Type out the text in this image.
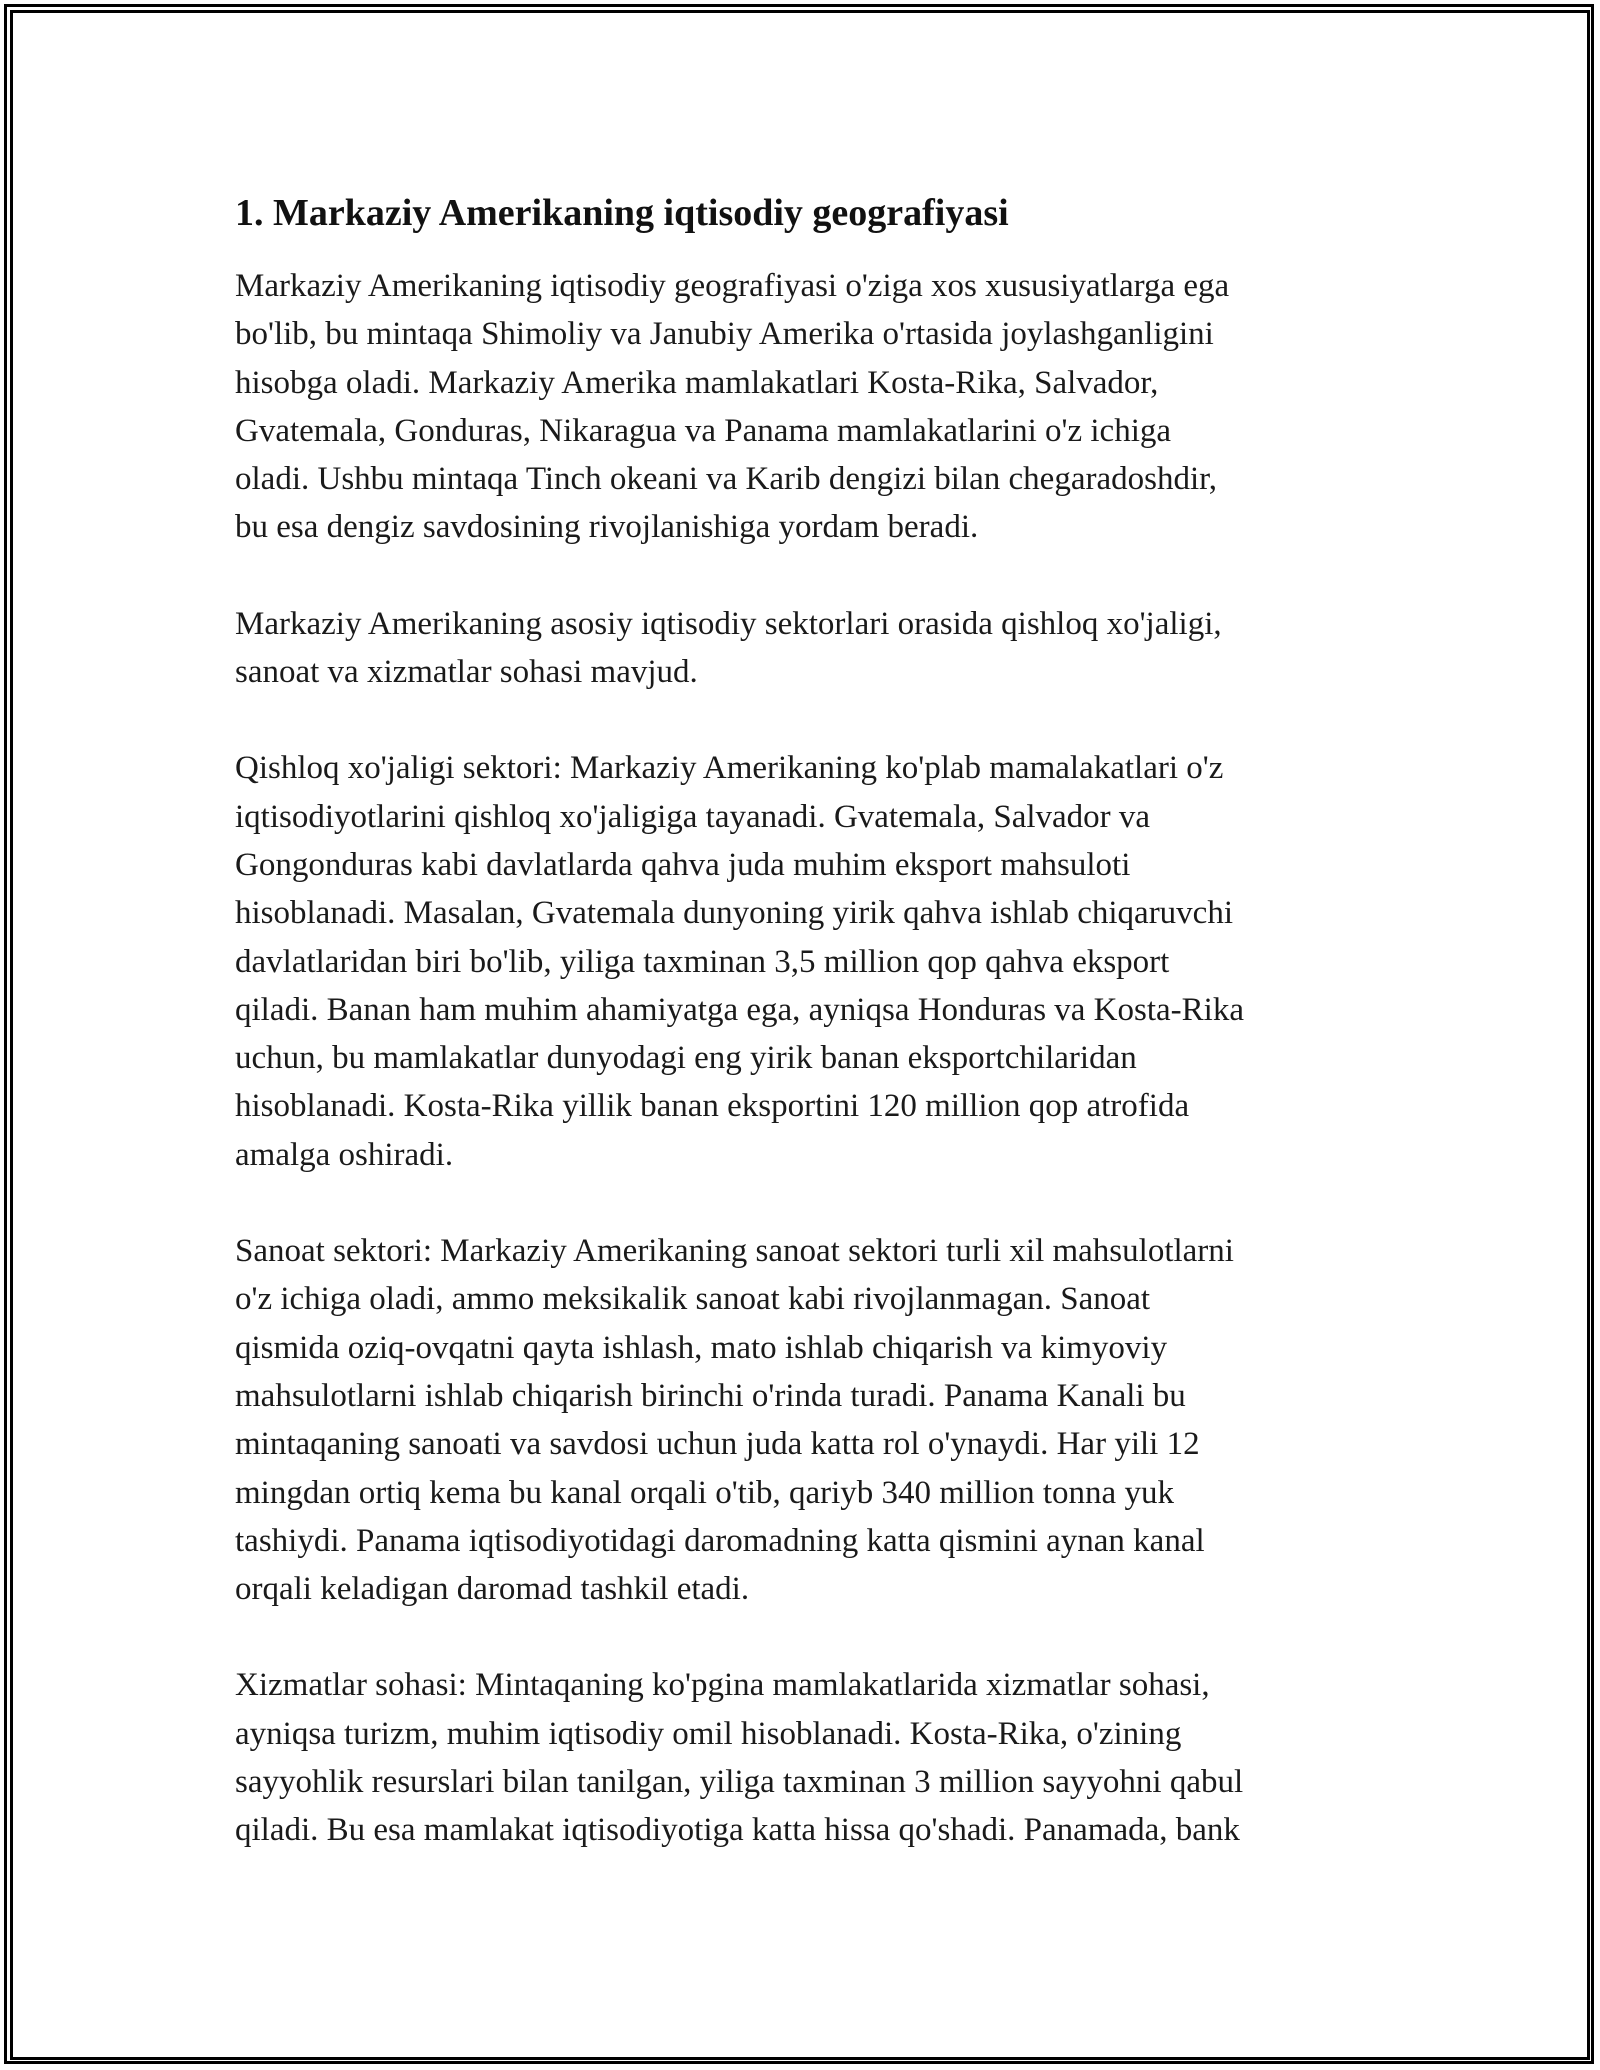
1. Markaziy Amerikaning iqtisodiy geografiyasi

Markaziy Amerikaning iqtisodiy geografiyasi o'ziga xos xususiyatlarga ega
bo'lib, bu mintaqa Shimoliy va Janubiy Amerika o'rtasida joylashganligini
hisobga oladi. Markaziy Amerika mamlakatlari Kosta-Rika, Salvador,
Gvatemala, Gonduras, Nikaragua va Panama mamlakatlarini o'z ichiga
oladi. Ushbu mintaqa Tinch okeani va Karib dengizi bilan chegaradoshdir,
bu esa dengiz savdosining rivojlanishiga yordam beradi.

Markaziy Amerikaning asosiy iqtisodiy sektorlari orasida qishloq xo'jaligi,
sanoat va xizmatlar sohasi mavjud.

Qishloq xo'jaligi sektori: Markaziy Amerikaning ko'plab mamalakatlari o'z
iqtisodiyotlarini qishloq xo'jaligiga tayanadi. Gvatemala, Salvador va
Gongonduras kabi davlatlarda qahva juda muhim eksport mahsuloti
hisoblanadi. Masalan, Gvatemala dunyoning yirik qahva ishlab chiqaruvchi
davlatlaridan biri bo'lib, yiliga taxminan 3,5 million qop qahva eksport
qiladi. Banan ham muhim ahamiyatga ega, ayniqsa Honduras va Kosta-Rika
uchun, bu mamlakatlar dunyodagi eng yirik banan eksportchilaridan
hisoblanadi. Kosta-Rika yillik banan eksportini 120 million qop atrofida
amalga oshiradi.

Sanoat sektori: Markaziy Amerikaning sanoat sektori turli xil mahsulotlarni
o'z ichiga oladi, ammo meksikalik sanoat kabi rivojlanmagan. Sanoat
qismida oziq-ovqatni qayta ishlash, mato ishlab chiqarish va kimyoviy
mahsulotlarni ishlab chiqarish birinchi o'rinda turadi. Panama Kanali bu
mintaqaning sanoati va savdosi uchun juda katta rol o'ynaydi. Har yili 12
mingdan ortiq kema bu kanal orqali o'tib, qariyb 340 million tonna yuk
tashiydi. Panama iqtisodiyotidagi daromadning katta qismini aynan kanal
orqali keladigan daromad tashkil etadi.

Xizmatlar sohasi: Mintaqaning ko'pgina mamlakatlarida xizmatlar sohasi,
ayniqsa turizm, muhim iqtisodiy omil hisoblanadi. Kosta-Rika, o'zining
sayyohlik resurslari bilan tanilgan, yiliga taxminan 3 million sayyohni qabul
qiladi. Bu esa mamlakat iqtisodiyotiga katta hissa qo'shadi. Panamada, bank
